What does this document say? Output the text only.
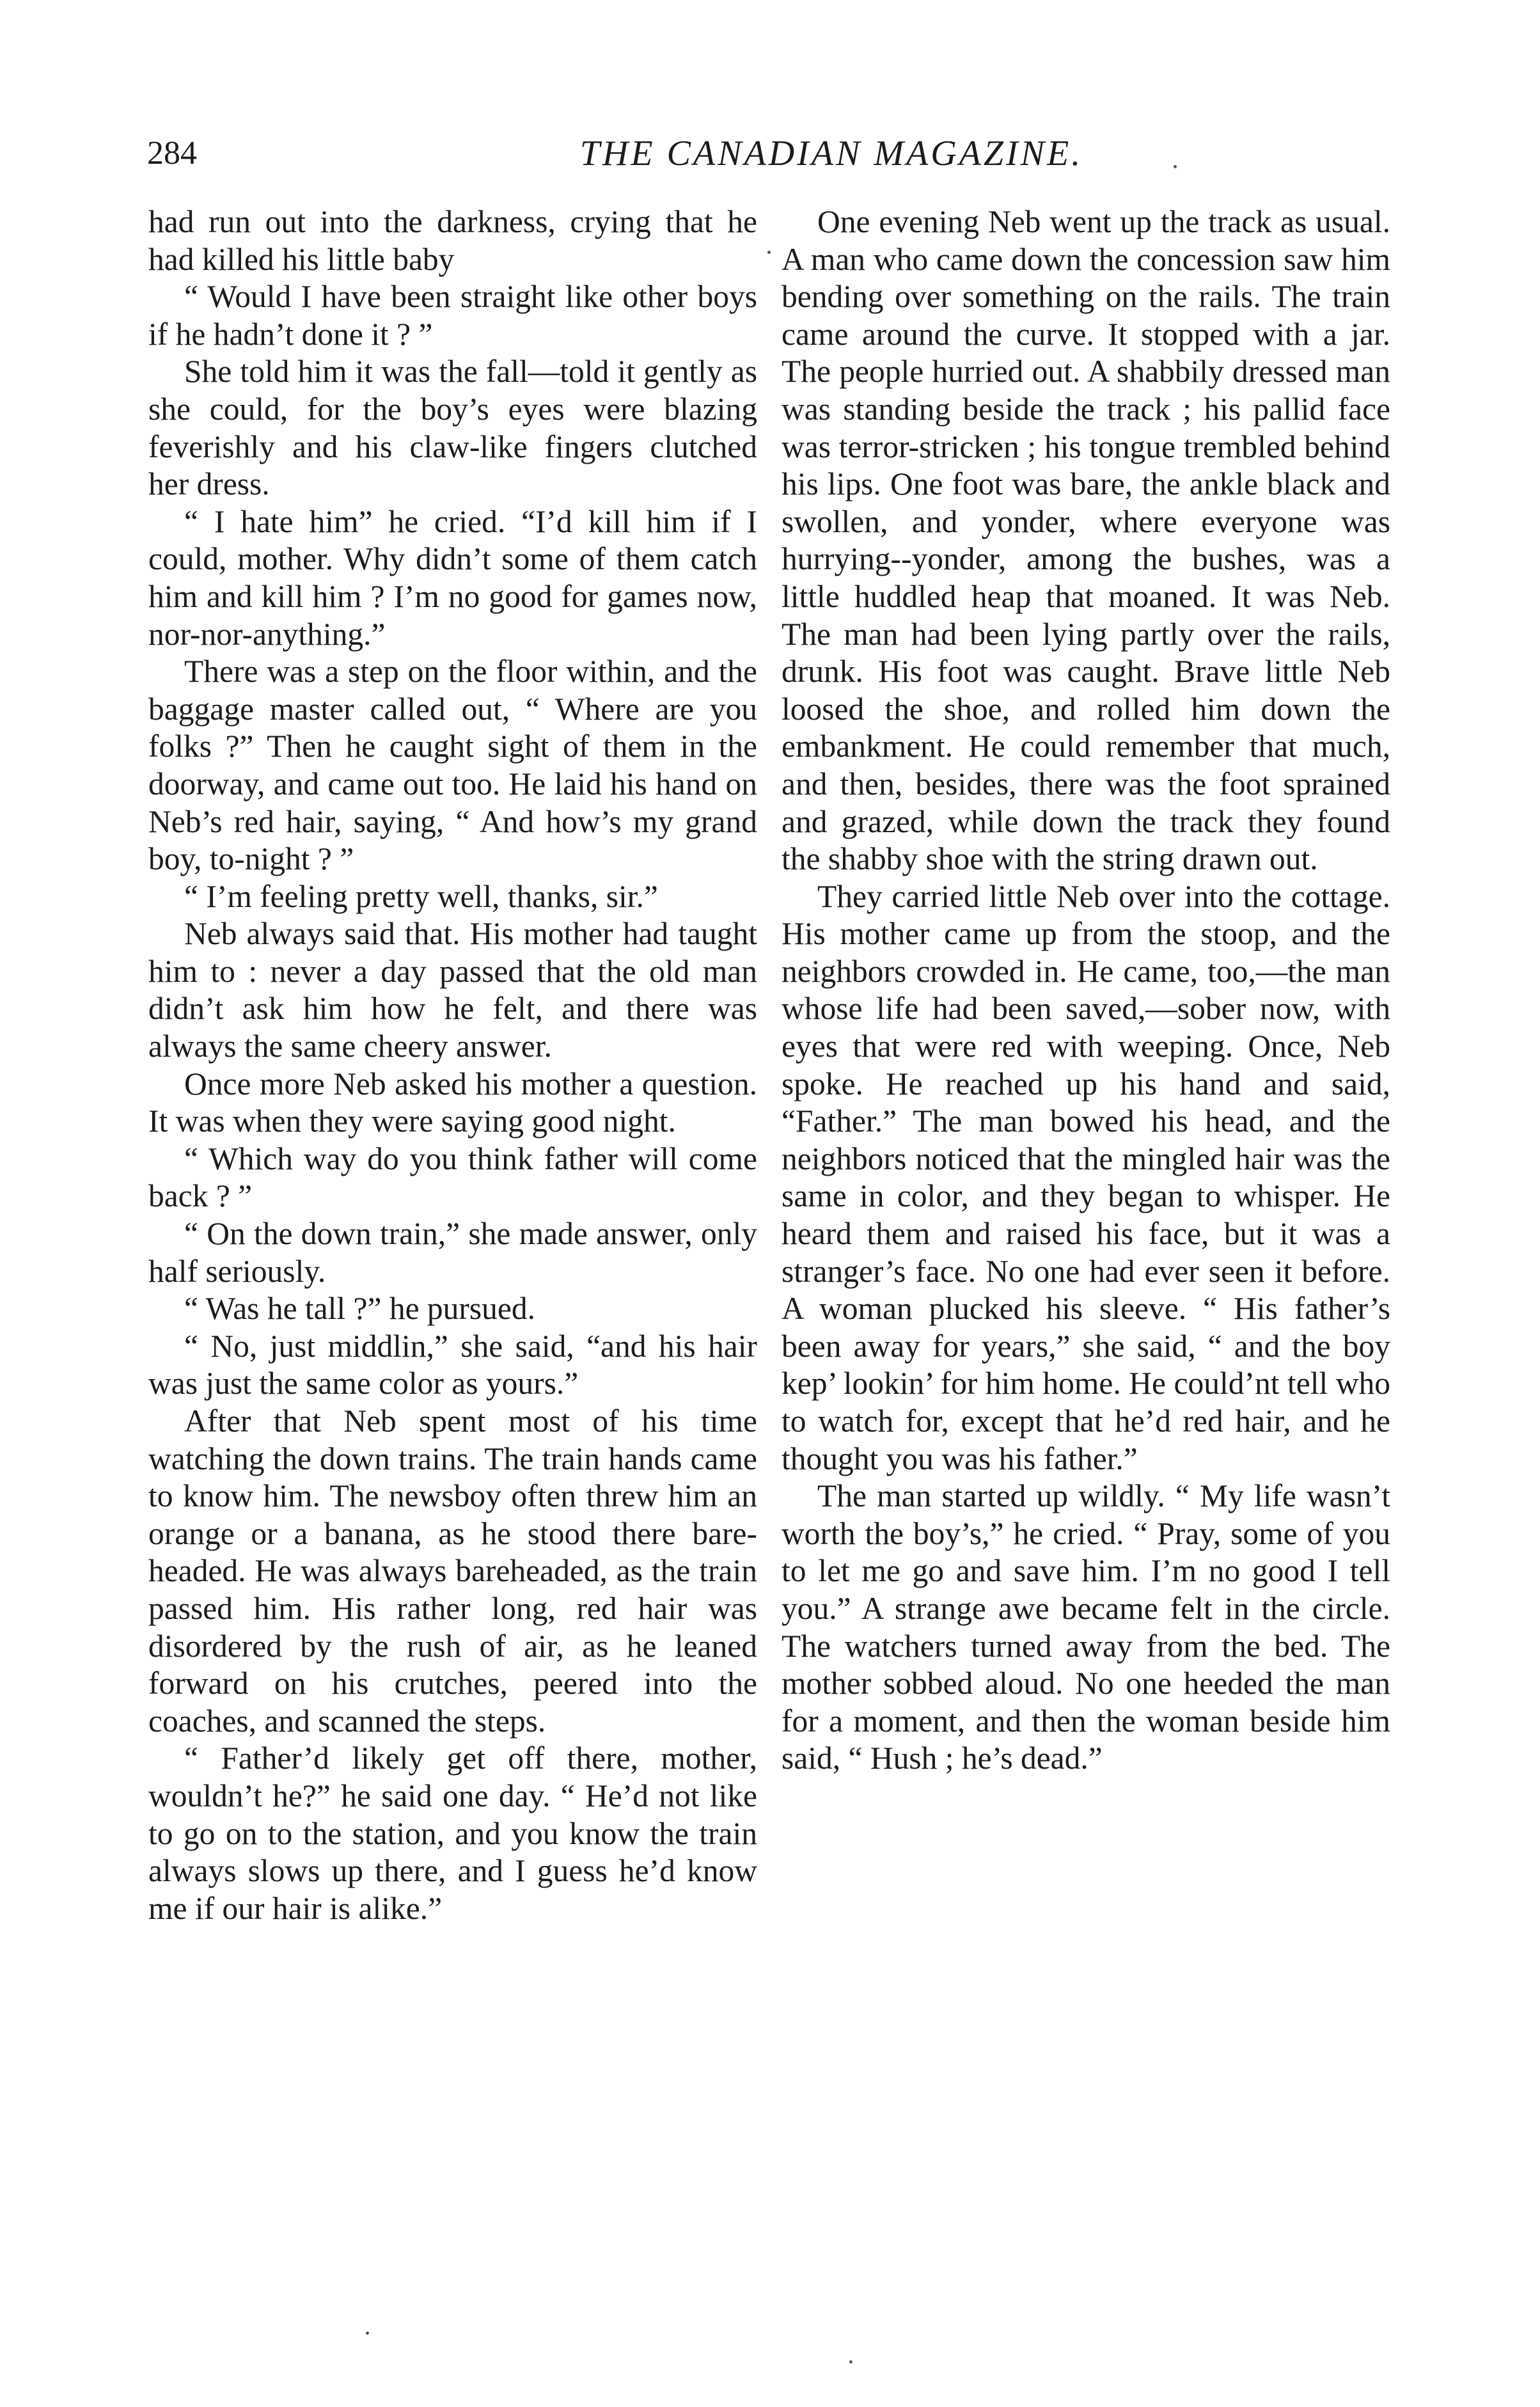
284	THE CANADIAN MAGAZINE.

had run out into the darkness, crying that he had killed his little baby

“ Would I have been straight like other boys if he hadn’t done it ? ”

She told him it was the fall—told it gently as she could, for the boy’s eyes were blazing feverishly and his claw-like fingers clutched her dress.

“ I hate him” he cried. “I’d kill him if I could, mother. Why didn’t some of them catch him and kill him ? I’m no good for games now, nor-nor-anything.”

There was a step on the floor within, and the baggage master called out, “ Where are you folks ?” Then he caught sight of them in the doorway, and came out too. He laid his hand on Neb’s red hair, saying, “ And how’s my grand boy, to-night ? ”

“ I’m feeling pretty well, thanks, sir.”

Neb always said that. His mother had taught him to : never a day passed that the old man didn’t ask him how he felt, and there was always the same cheery answer.

Once more Neb asked his mother a question. It was when they were saying good night.

“ Which way do you think father will come back ? ”

“ On the down train,” she made answer, only half seriously.

“ Was he tall ?” he pursued.

“ No, just middlin,” she said, “and his hair was just the same color as yours.”

After that Neb spent most of his time watching the down trains. The train hands came to know him. The newsboy often threw him an orange or a banana, as he stood there bare-headed. He was always bareheaded, as the train passed him. His rather long, red hair was disordered by the rush of air, as he leaned forward on his crutches, peered into the coaches, and scanned the steps.

“ Father’d likely get off there, mother, wouldn’t he?” he said one day. “ He’d not like to go on to the station, and you know the train always slows up there, and I guess he’d know me if our hair is alike.”

One evening Neb went up the track as usual. A man who came down the concession saw him bending over something on the rails. The train came around the curve. It stopped with a jar. The people hurried out. A shabbily dressed man was standing beside the track ; his pallid face was terror-stricken ; his tongue trembled behind his lips. One foot was bare, the ankle black and swollen, and yonder, where everyone was hurrying--yonder, among the bushes, was a little huddled heap that moaned. It was Neb. The man had been lying partly over the rails, drunk. His foot was caught. Brave little Neb loosed the shoe, and rolled him down the embankment. He could remember that much, and then, besides, there was the foot sprained and grazed, while down the track they found the shabby shoe with the string drawn out.

They carried little Neb over into the cottage. His mother came up from the stoop, and the neighbors crowded in. He came, too,—the man whose life had been saved,—sober now, with eyes that were red with weeping. Once, Neb spoke. He reached up his hand and said, “Father.” The man bowed his head, and the neighbors noticed that the mingled hair was the same in color, and they began to whisper. He heard them and raised his face, but it was a stranger’s face. No one had ever seen it before. A woman plucked his sleeve. “ His father’s been away for years,” she said, “ and the boy kep’ lookin’ for him home. He could’nt tell who to watch for, except that he’d red hair, and he thought you was his father.”

The man started up wildly. “ My life wasn’t worth the boy’s,” he cried. “ Pray, some of you to let me go and save him. I’m no good I tell you.” A strange awe became felt in the circle. The watchers turned away from the bed. The mother sobbed aloud. No one heeded the man for a moment, and then the woman beside him said, “ Hush ; he’s dead.”
